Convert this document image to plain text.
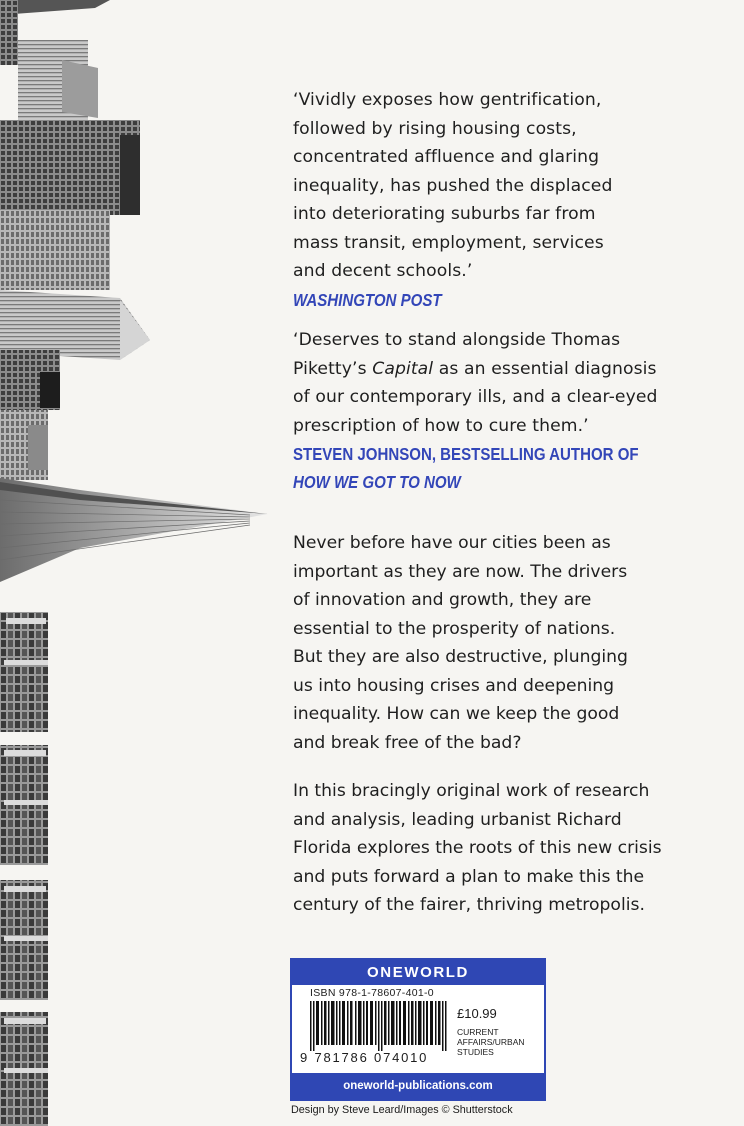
‘Vividly exposes how gentrification,
followed by rising housing costs,
concentrated affluence and glaring
inequality, has pushed the displaced
into deteriorating suburbs far from
mass transit, employment, services
and decent schools.’

WASHINGTON POST

‘Deserves to stand alongside Thomas
Piketty’s Capital as an essential diagnosis
of our contemporary ills, and a clear-eyed
prescription of how to cure them.’

STEVEN JOHNSON, BESTSELLING AUTHOR OF
HOW WE GOT TO NOW

Never before have our cities been as
important as they are now. The drivers
of innovation and growth, they are
essential to the prosperity of nations.
But they are also destructive, plunging
us into housing crises and deepening
inequality. How can we keep the good
and break free of the bad?

In this bracingly original work of research
and analysis, leading urbanist Richard
Florida explores the roots of this new crisis
and puts forward a plan to make this the
century of the fairer, thriving metropolis.

ONEWORLD
ISBN 978-1-78607-401-0
9 781786 074010
£10.99
CURRENT
AFFAIRS/URBAN
STUDIES
oneworld-publications.com
Design by Steve Leard/Images © Shutterstock
